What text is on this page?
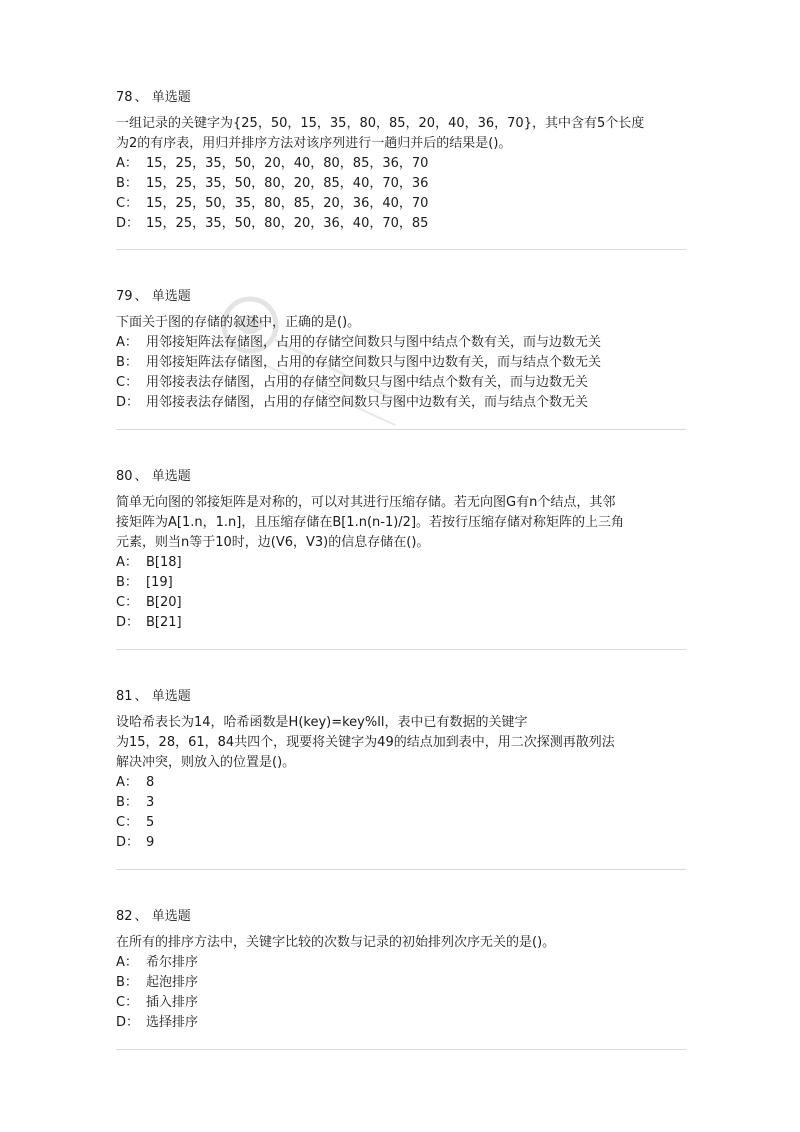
78 、 单选题
一组记录的关键字为{25，50，15，35，80，85，20，40，36，70}，其中含有5个长度
为2的有序表，用归并排序方法对该序列进行一趟归并后的结果是()。
A： 15，25，35，50，20，40，80，85，36，70
B： 15，25，35，50，80，20，85，40，70，36
C： 15，25，50，35，80，85，20，36，40，70
D： 15，25，35，50，80，20，36，40，70，85
79 、 单选题
下面关于图的存储的叙述中，正确的是()。
A： 用邻接矩阵法存储图，占用的存储空间数只与图中结点个数有关，而与边数无关
B： 用邻接矩阵法存储图，占用的存储空间数只与图中边数有关，而与结点个数无关
C： 用邻接表法存储图，占用的存储空间数只与图中结点个数有关，而与边数无关
D： 用邻接表法存储图，占用的存储空间数只与图中边数有关，而与结点个数无关
80 、 单选题
简单无向图的邻接矩阵是对称的，可以对其进行压缩存储。若无向图G有n个结点，其邻
接矩阵为A[1.n，1.n]，且压缩存储在B[1.n(n-1)/2]。若按行压缩存储对称矩阵的上三角
元素，则当n等于10时，边(V6，V3)的信息存储在()。
A： B[18]
B： [19]
C： B[20]
D： B[21]
81 、 单选题
设哈希表长为14，哈希函数是H(key)=key%ll，表中已有数据的关键字
为15，28，61，84共四个，现要将关键字为49的结点加到表中，用二次探测再散列法
解决冲突，则放入的位置是()。
A： 8
B： 3
C： 5
D： 9
82 、 单选题
在所有的排序方法中，关键字比较的次数与记录的初始排列次序无关的是()。
A： 希尔排序
B： 起泡排序
C： 插入排序
D： 选择排序
